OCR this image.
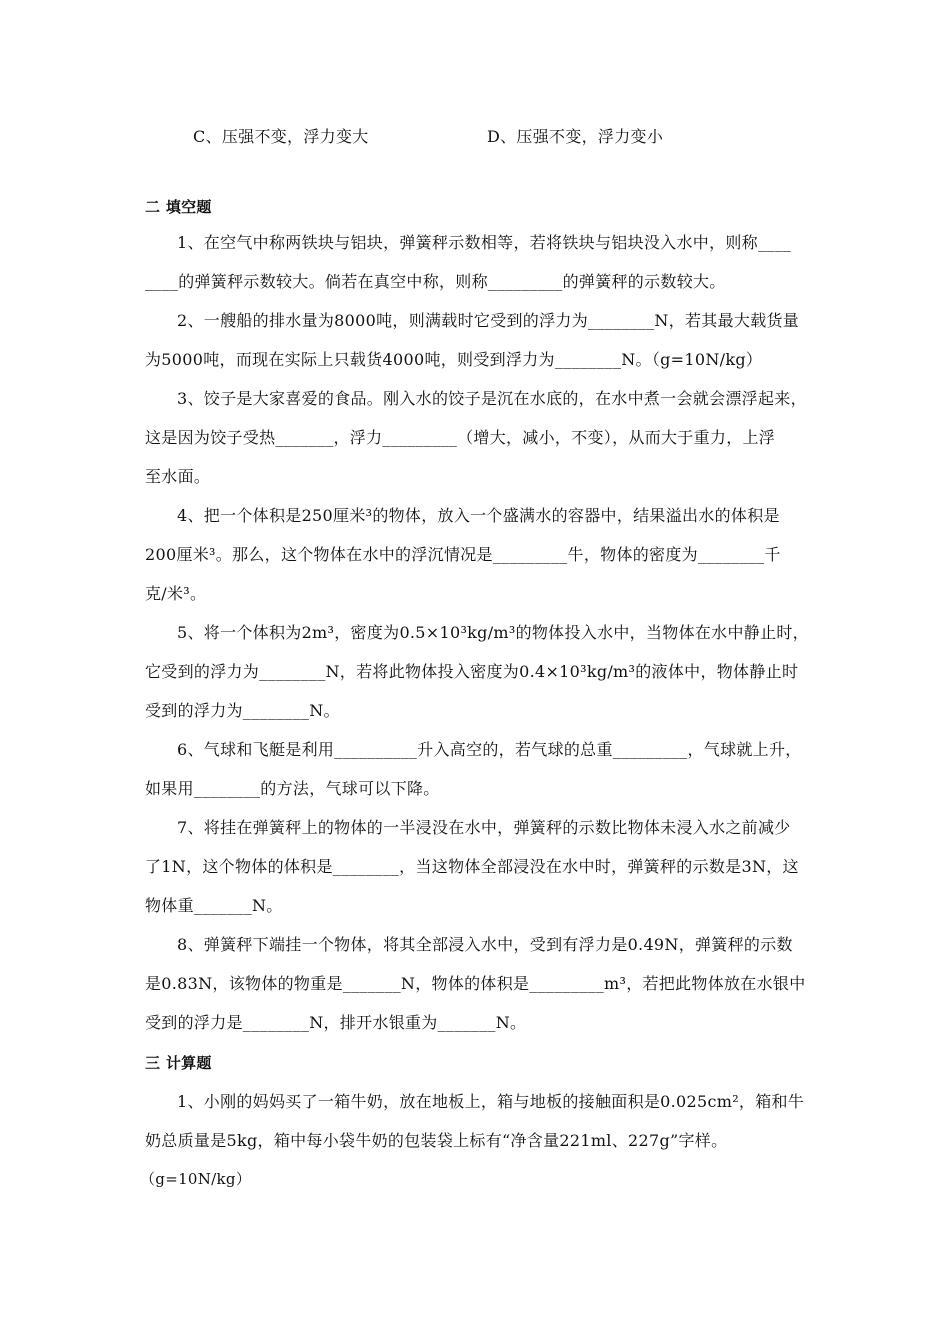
C、压强不变，浮力变大	D、压强不变，浮力变小
二 填空题
1、在空气中称两铁块与铝块，弹簧秤示数相等，若将铁块与铝块没入水中，则称____
____的弹簧秤示数较大。倘若在真空中称，则称_________的弹簧秤的示数较大。
2、一艘船的排水量为8000吨，则满载时它受到的浮力为________N，若其最大载货量
为5000吨，而现在实际上只载货4000吨，则受到浮力为________N。（g=10N/kg）
3、饺子是大家喜爱的食品。刚入水的饺子是沉在水底的，在水中煮一会就会漂浮起来，
这是因为饺子受热_______，浮力_________（增大，减小，不变），从而大于重力，上浮
至水面。
4、把一个体积是250厘米³的物体，放入一个盛满水的容器中，结果溢出水的体积是
200厘米³。那么，这个物体在水中的浮沉情况是_________牛，物体的密度为________千
克/米³。
5、将一个体积为2m³，密度为0.5×10³kg/m³的物体投入水中，当物体在水中静止时，
它受到的浮力为________N，若将此物体投入密度为0.4×10³kg/m³的液体中，物体静止时
受到的浮力为________N。
6、气球和飞艇是利用__________升入高空的，若气球的总重_________，气球就上升，
如果用________的方法，气球可以下降。
7、将挂在弹簧秤上的物体的一半浸没在水中，弹簧秤的示数比物体未浸入水之前减少
了1N，这个物体的体积是________，当这物体全部浸没在水中时，弹簧秤的示数是3N，这
物体重_______N。
8、弹簧秤下端挂一个物体，将其全部浸入水中，受到有浮力是0.49N，弹簧秤的示数
是0.83N，该物体的物重是_______N，物体的体积是_________m³，若把此物体放在水银中
受到的浮力是________N，排开水银重为_______N。
三 计算题
1、小刚的妈妈买了一箱牛奶，放在地板上，箱与地板的接触面积是0.025cm²，箱和牛
奶总质量是5kg，箱中每小袋牛奶的包装袋上标有“净含量221ml、227g”字样。
（g=10N/kg）
